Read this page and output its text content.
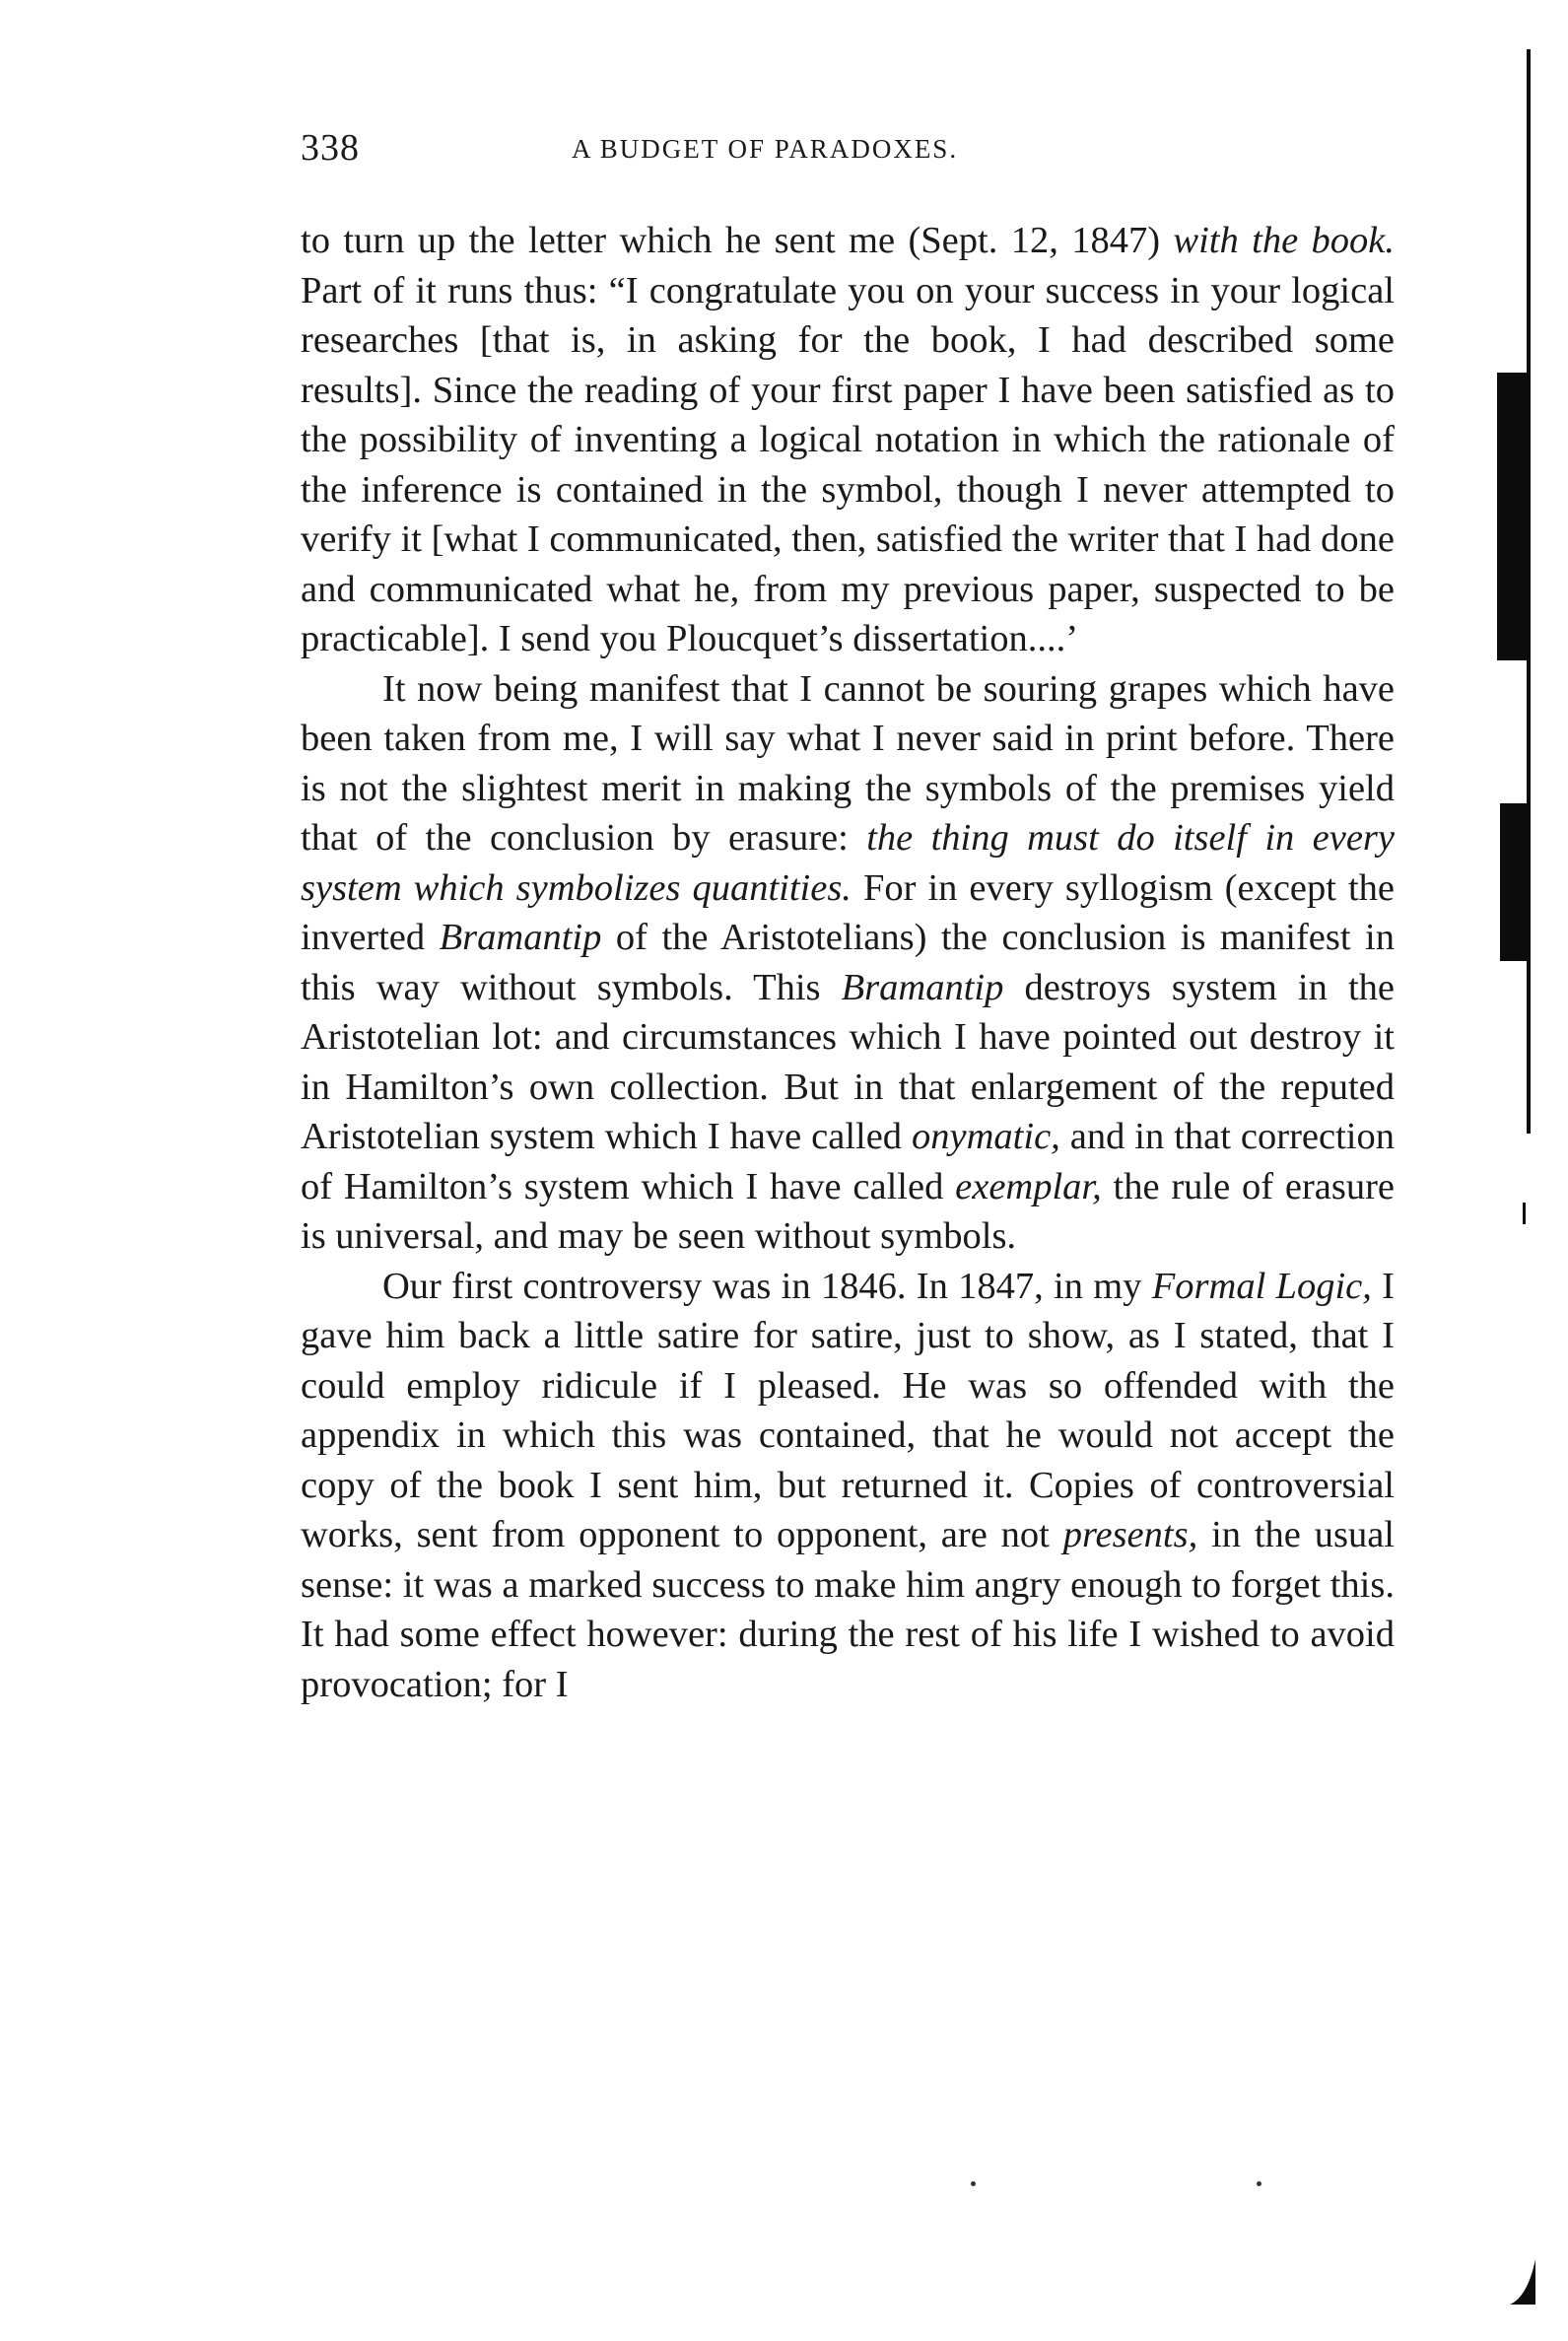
338	A BUDGET OF PARADOXES.

to turn up the letter which he sent me (Sept. 12, 1847) with the book. Part of it runs thus: “I congratulate you on your success in your logical researches [that is, in asking for the book, I had described some results]. Since the reading of your first paper I have been satisfied as to the possibility of inventing a logical notation in which the rationale of the inference is contained in the symbol, though I never attempted to verify it [what I communicated, then, satisfied the writer that I had done and communicated what he, from my previous paper, suspected to be practicable]. I send you Ploucquet’s dissertation....’

It now being manifest that I cannot be souring grapes which have been taken from me, I will say what I never said in print before. There is not the slightest merit in making the symbols of the premises yield that of the conclusion by erasure: the thing must do itself in every system which symbolizes quantities. For in every syllogism (except the inverted Bramantip of the Aristotelians) the conclusion is manifest in this way without symbols. This Bramantip destroys system in the Aristotelian lot: and circumstances which I have pointed out destroy it in Hamilton’s own collection. But in that enlargement of the reputed Aristotelian system which I have called onymatic, and in that correction of Hamilton’s system which I have called exemplar, the rule of erasure is universal, and may be seen without symbols.

Our first controversy was in 1846. In 1847, in my Formal Logic, I gave him back a little satire for satire, just to show, as I stated, that I could employ ridicule if I pleased. He was so offended with the appendix in which this was contained, that he would not accept the copy of the book I sent him, but returned it. Copies of controversial works, sent from opponent to opponent, are not presents, in the usual sense: it was a marked success to make him angry enough to forget this. It had some effect however: during the rest of his life I wished to avoid provocation; for I
